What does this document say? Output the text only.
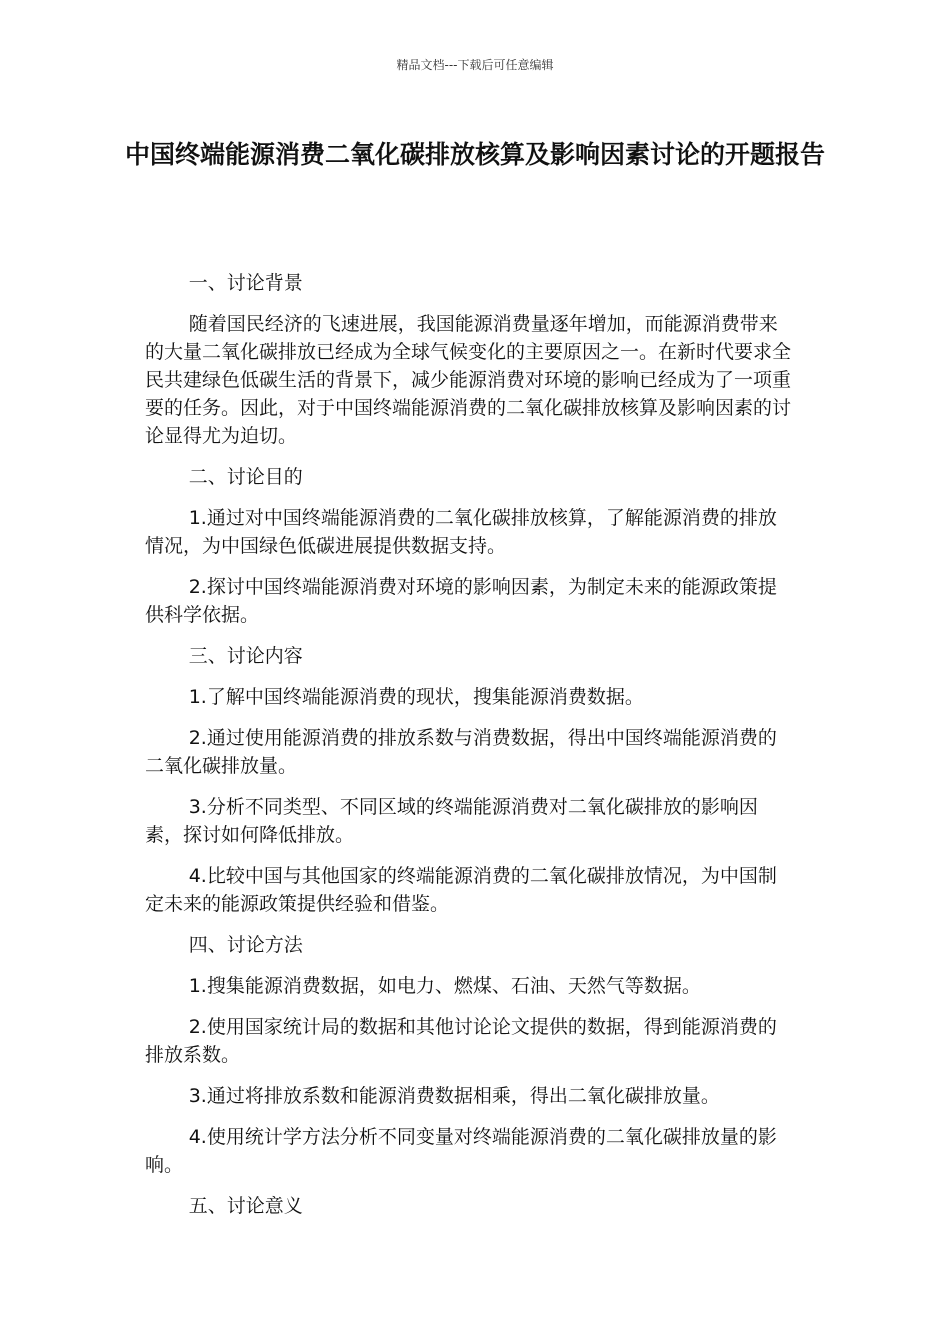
精品文档---下载后可任意编辑
中国终端能源消费二氧化碳排放核算及影响因素讨论的开题报告

一、讨论背景

随着国民经济的飞速进展，我国能源消费量逐年增加，而能源消费带来的大量二氧化碳排放已经成为全球气候变化的主要原因之一。在新时代要求全民共建绿色低碳生活的背景下，减少能源消费对环境的影响已经成为了一项重要的任务。因此，对于中国终端能源消费的二氧化碳排放核算及影响因素的讨论显得尤为迫切。

二、讨论目的

1.通过对中国终端能源消费的二氧化碳排放核算，了解能源消费的排放情况，为中国绿色低碳进展提供数据支持。

2.探讨中国终端能源消费对环境的影响因素，为制定未来的能源政策提供科学依据。

三、讨论内容

1.了解中国终端能源消费的现状，搜集能源消费数据。

2.通过使用能源消费的排放系数与消费数据，得出中国终端能源消费的二氧化碳排放量。

3.分析不同类型、不同区域的终端能源消费对二氧化碳排放的影响因素，探讨如何降低排放。

4.比较中国与其他国家的终端能源消费的二氧化碳排放情况，为中国制定未来的能源政策提供经验和借鉴。

四、讨论方法

1.搜集能源消费数据，如电力、燃煤、石油、天然气等数据。

2.使用国家统计局的数据和其他讨论论文提供的数据，得到能源消费的排放系数。

3.通过将排放系数和能源消费数据相乘，得出二氧化碳排放量。

4.使用统计学方法分析不同变量对终端能源消费的二氧化碳排放量的影响。

五、讨论意义
